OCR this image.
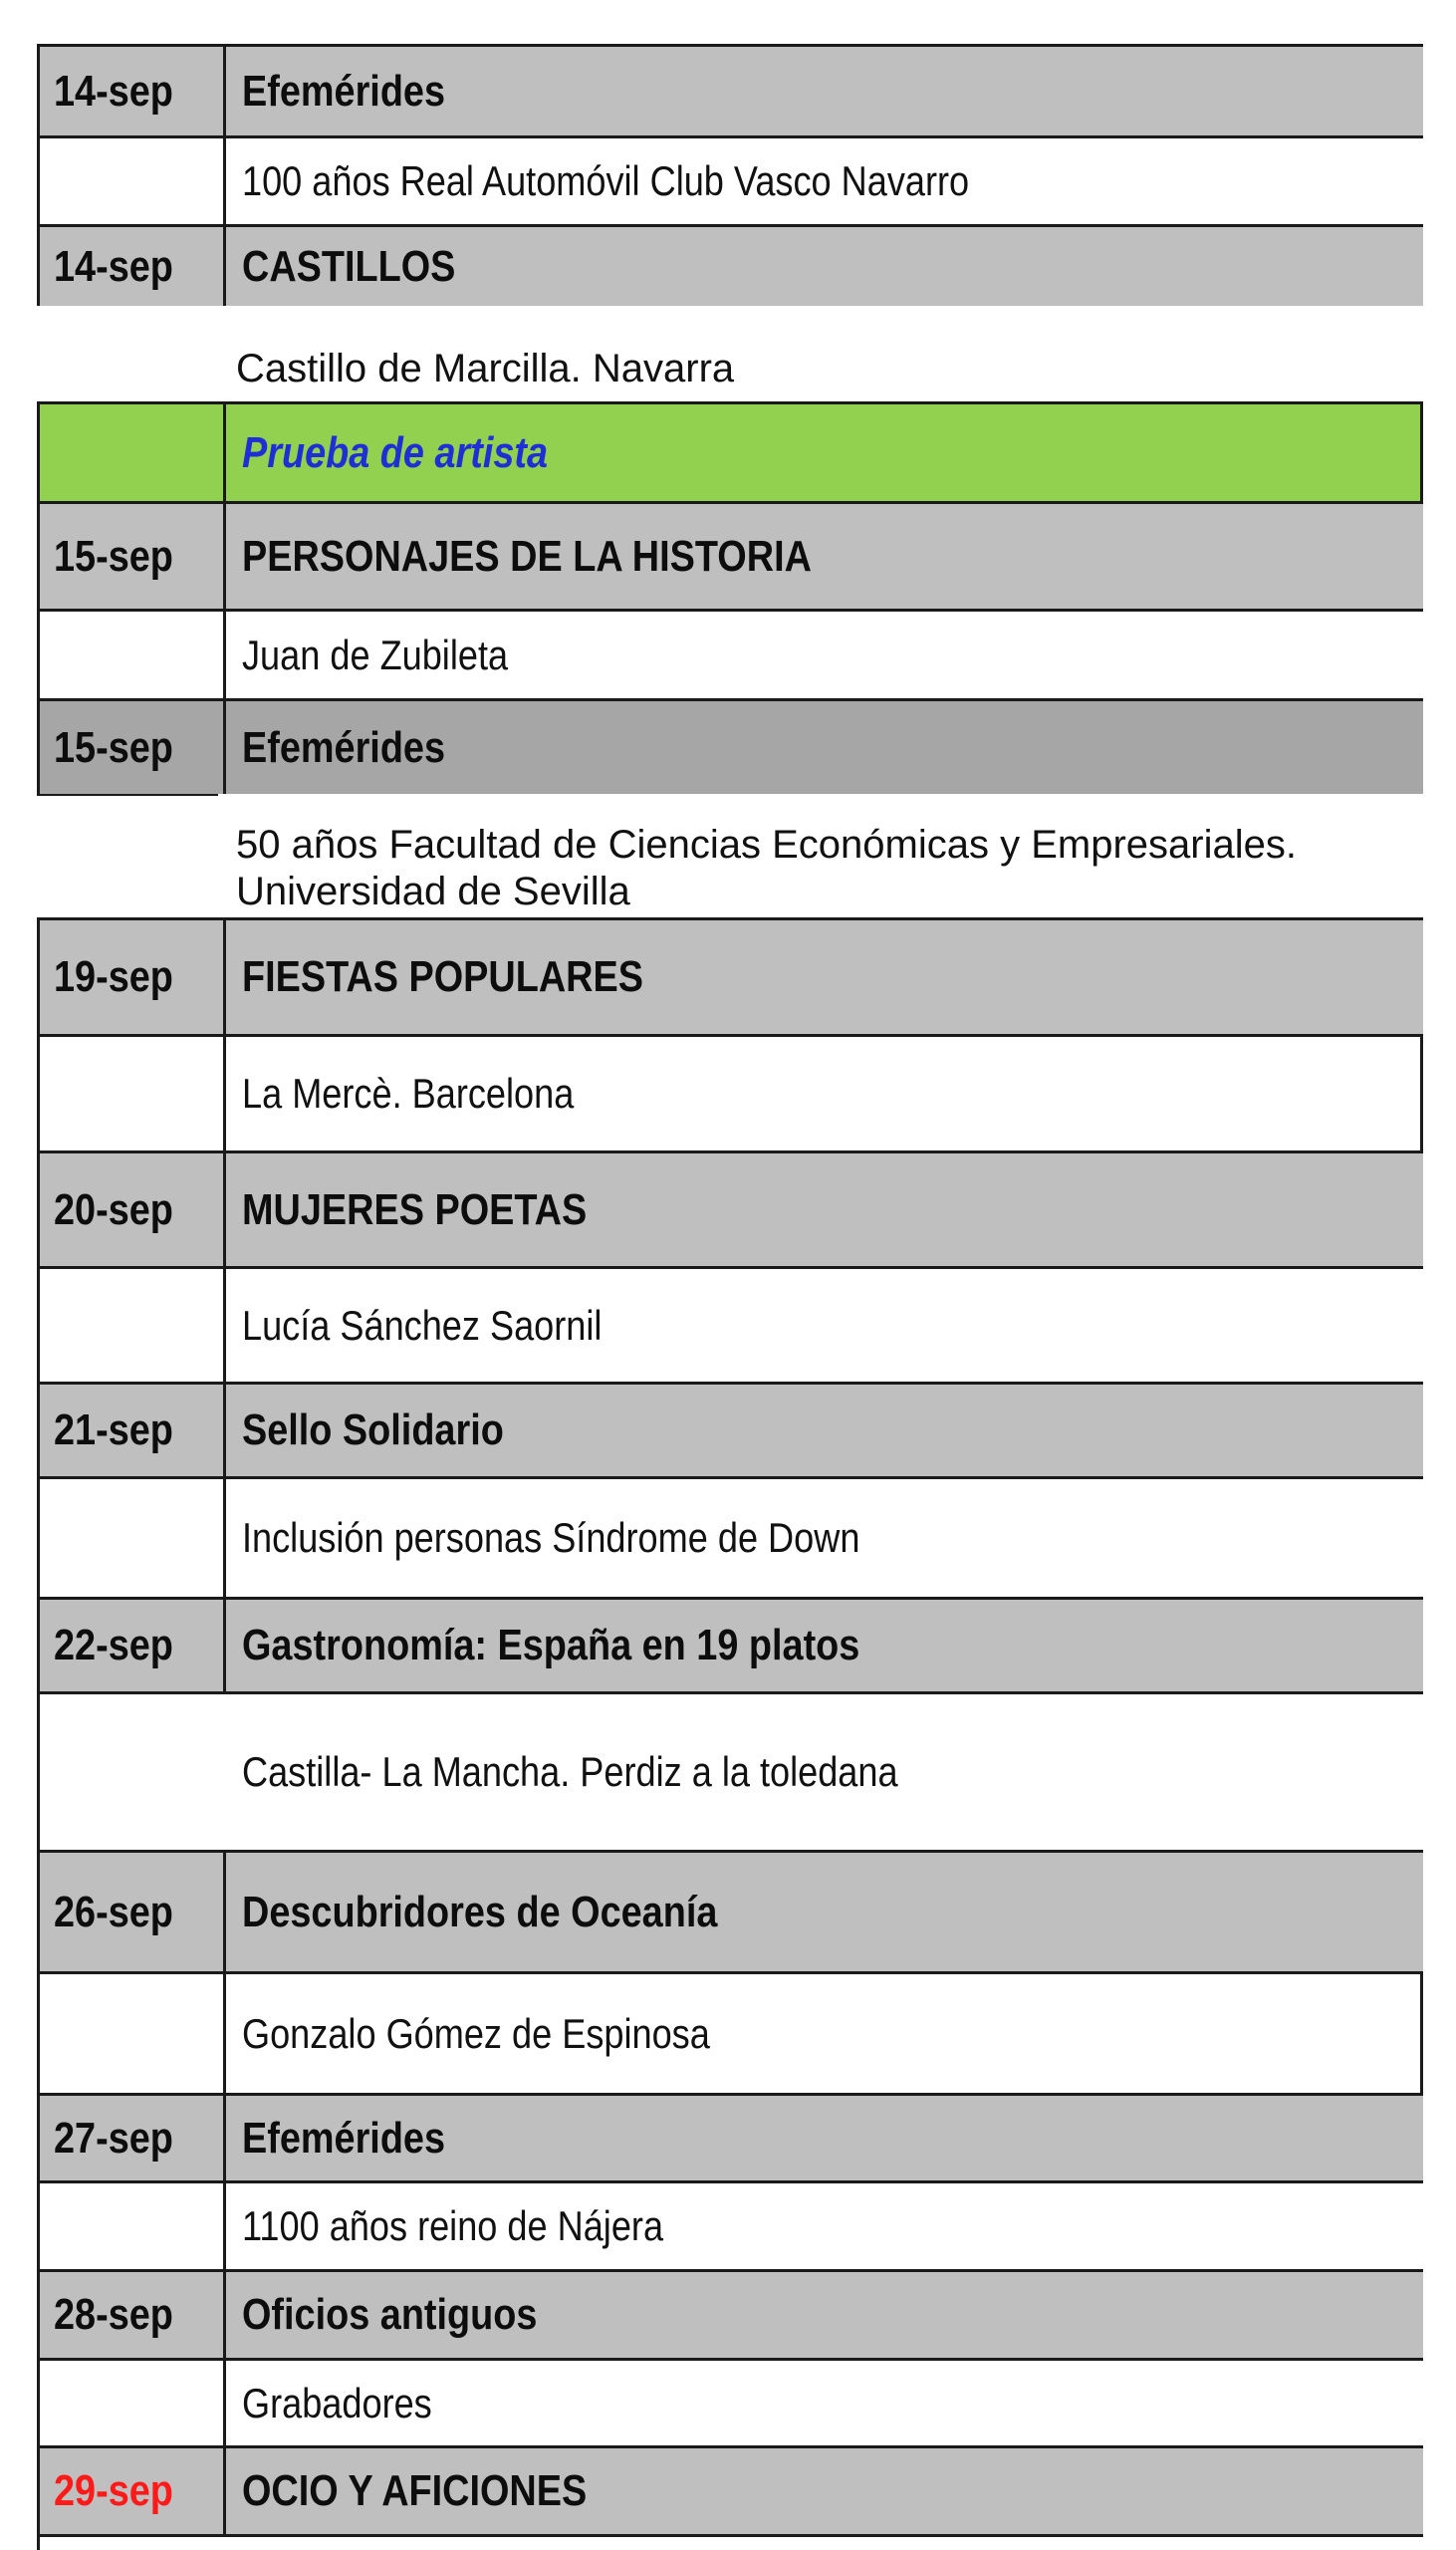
14-sep Efemérides
100 años Real Automóvil Club Vasco Navarro
14-sep CASTILLOS
Castillo de Marcilla. Navarra
Prueba de artista
15-sep PERSONAJES DE LA HISTORIA
Juan de Zubileta
15-sep Efemérides
50 años Facultad de Ciencias Económicas y Empresariales.
Universidad de Sevilla
19-sep FIESTAS POPULARES
La Mercè. Barcelona
20-sep MUJERES POETAS
Lucía Sánchez Saornil
21-sep Sello Solidario
Inclusión personas Síndrome de Down
22-sep Gastronomía: España en 19 platos
Castilla- La Mancha. Perdiz a la toledana
26-sep Descubridores de Oceanía
Gonzalo Gómez de Espinosa
27-sep Efemérides
1100 años reino de Nájera
28-sep Oficios antiguos
Grabadores
29-sep OCIO Y AFICIONES
